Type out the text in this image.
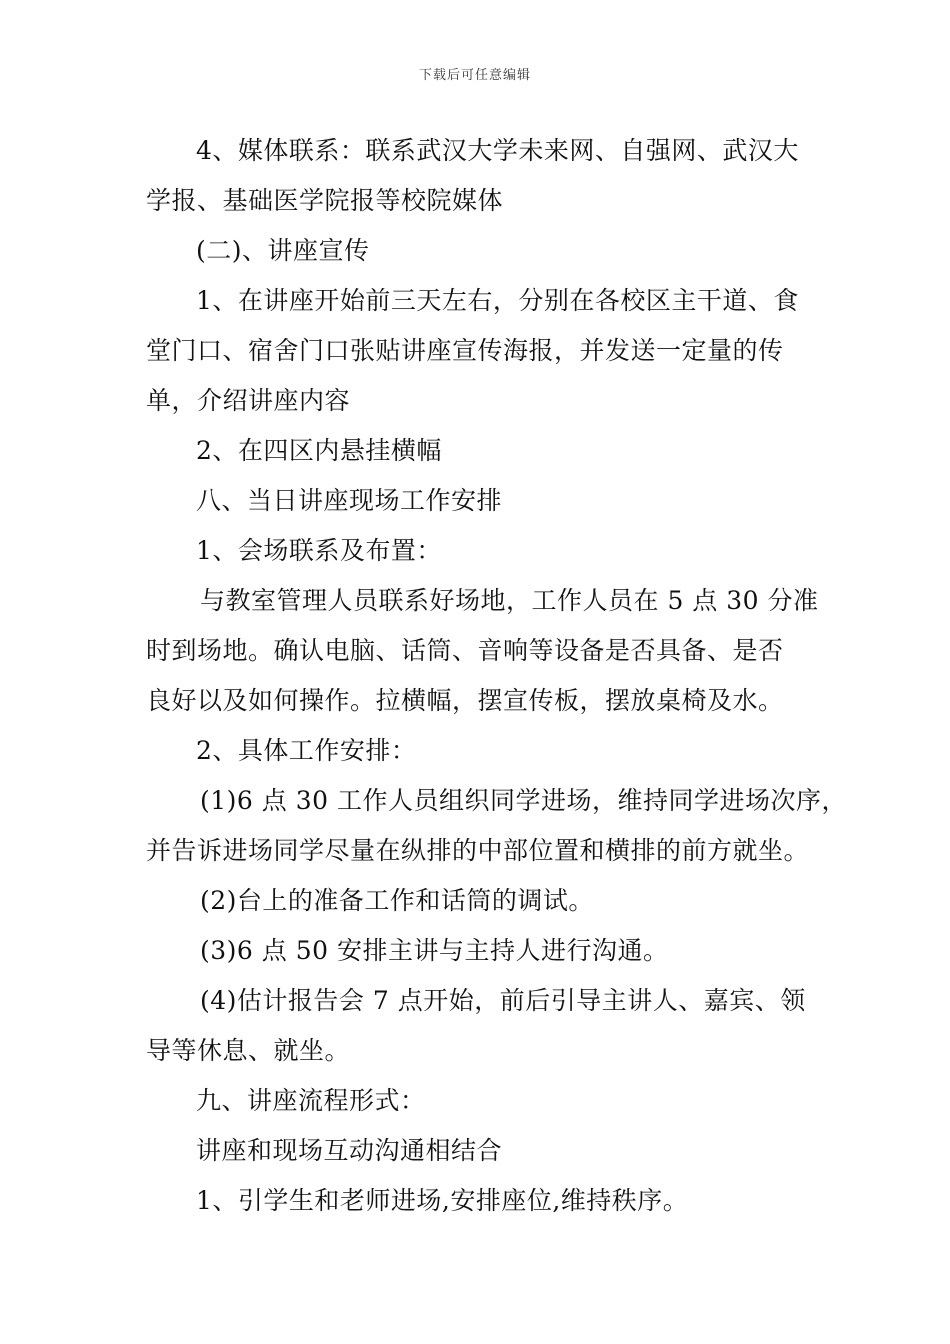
下载后可任意编辑
4、媒体联系：联系武汉大学未来网、自强网、武汉大
学报、基础医学院报等校院媒体
(二)、讲座宣传
1、在讲座开始前三天左右，分别在各校区主干道、食
堂门口、宿舍门口张贴讲座宣传海报，并发送一定量的传
单，介绍讲座内容
2、在四区内悬挂横幅
八、当日讲座现场工作安排
1、会场联系及布置：
与教室管理人员联系好场地，工作人员在 5 点 30 分准
时到场地。确认电脑、话筒、音响等设备是否具备、是否
良好以及如何操作。拉横幅，摆宣传板，摆放桌椅及水。
2、具体工作安排：
(1)6 点 30 工作人员组织同学进场，维持同学进场次序，
并告诉进场同学尽量在纵排的中部位置和横排的前方就坐。
(2)台上的准备工作和话筒的调试。
(3)6 点 50 安排主讲与主持人进行沟通。
(4)估计报告会 7 点开始，前后引导主讲人、嘉宾、领
导等休息、就坐。
九、讲座流程形式：
讲座和现场互动沟通相结合
1、引学生和老师进场,安排座位,维持秩序。
